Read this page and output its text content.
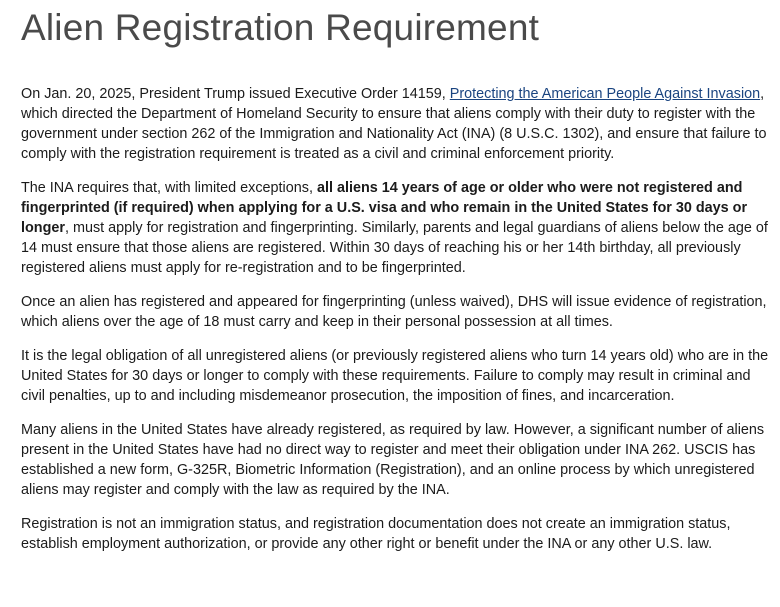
Alien Registration Requirement

On Jan. 20, 2025, President Trump issued Executive Order 14159, Protecting the American People Against Invasion, which directed the Department of Homeland Security to ensure that aliens comply with their duty to register with the government under section 262 of the Immigration and Nationality Act (INA) (8 U.S.C. 1302), and ensure that failure to comply with the registration requirement is treated as a civil and criminal enforcement priority.

The INA requires that, with limited exceptions, all aliens 14 years of age or older who were not registered and fingerprinted (if required) when applying for a U.S. visa and who remain in the United States for 30 days or longer, must apply for registration and fingerprinting. Similarly, parents and legal guardians of aliens below the age of 14 must ensure that those aliens are registered. Within 30 days of reaching his or her 14th birthday, all previously registered aliens must apply for re-registration and to be fingerprinted.

Once an alien has registered and appeared for fingerprinting (unless waived), DHS will issue evidence of registration, which aliens over the age of 18 must carry and keep in their personal possession at all times.

It is the legal obligation of all unregistered aliens (or previously registered aliens who turn 14 years old) who are in the United States for 30 days or longer to comply with these requirements. Failure to comply may result in criminal and civil penalties, up to and including misdemeanor prosecution, the imposition of fines, and incarceration.

Many aliens in the United States have already registered, as required by law. However, a significant number of aliens present in the United States have had no direct way to register and meet their obligation under INA 262. USCIS has established a new form, G-325R, Biometric Information (Registration), and an online process by which unregistered aliens may register and comply with the law as required by the INA.

Registration is not an immigration status, and registration documentation does not create an immigration status, establish employment authorization, or provide any other right or benefit under the INA or any other U.S. law.
